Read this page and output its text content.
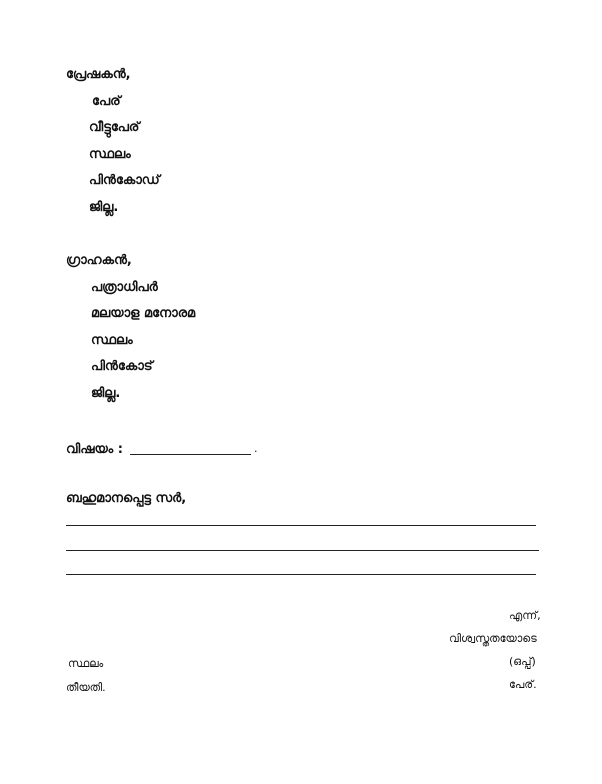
പ്രേഷകൻ,
പേര്
വീട്ടുപേര്
സ്ഥലം
പിൻകോഡ്
ജില്ല.
ഗ്രാഹകൻ,
പത്രാധിപർ
മലയാള മനോരമ
സ്ഥലം
പിൻകോട്
ജില്ല.
വിഷയം :	.
ബഹുമാനപ്പെട്ട സർ,
എന്ന്,
വിശ്വസ്തതയോടെ
(ഒപ്പ്)
പേര്.
സ്ഥലം
തീയതി.
